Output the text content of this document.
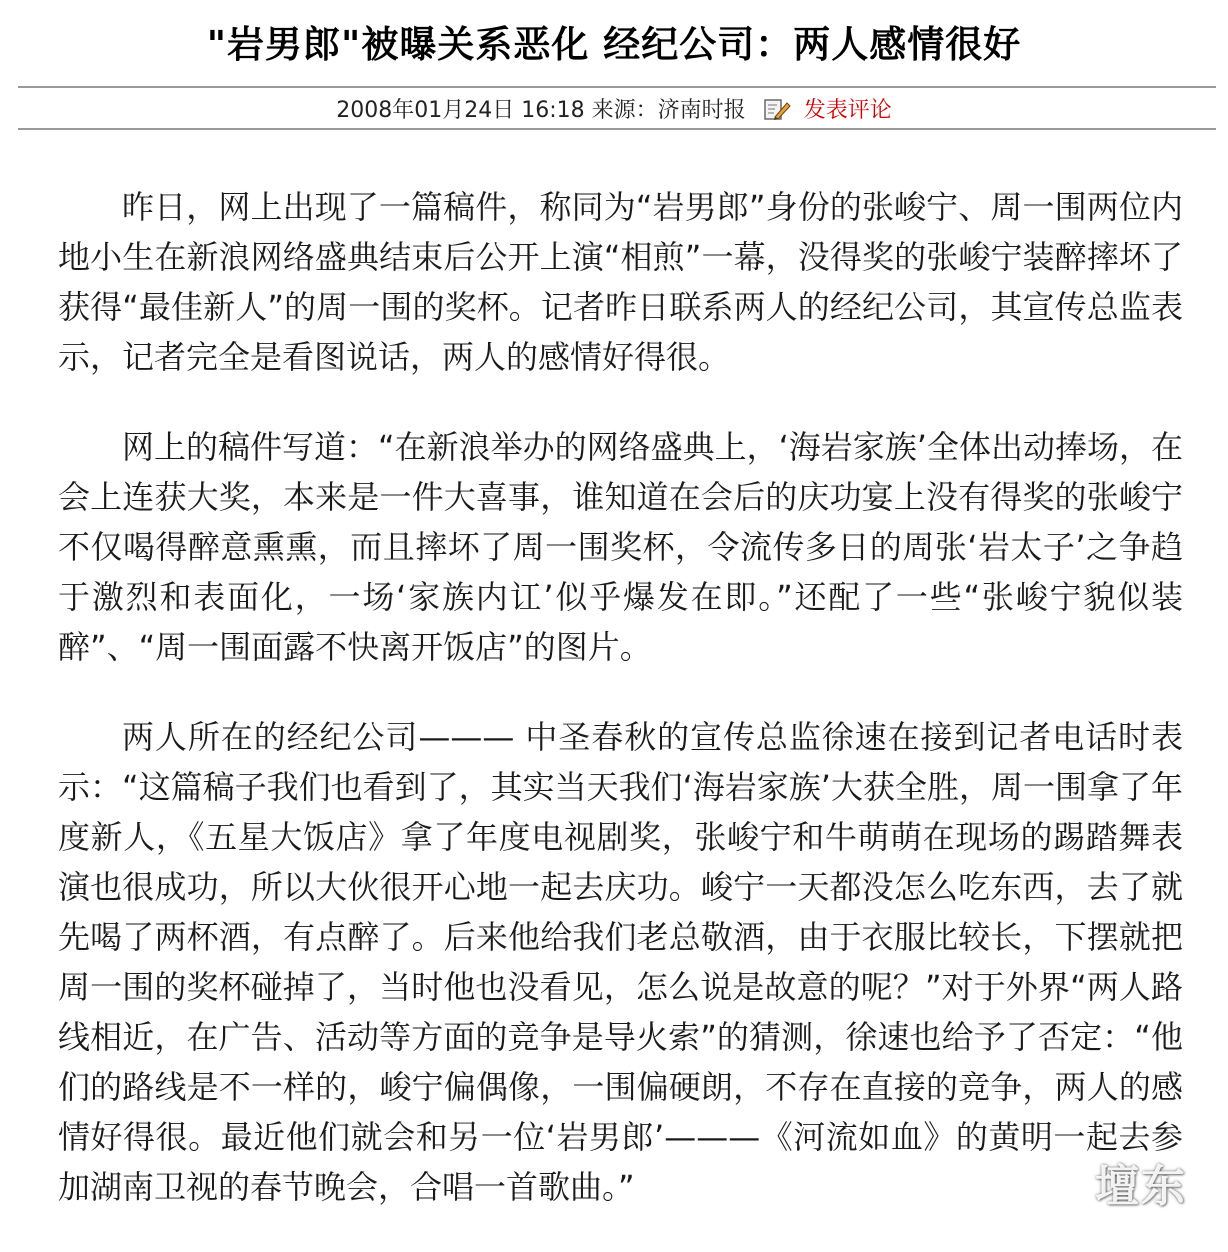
"岩男郎"被曝关系恶化 经纪公司：两人感情很好
2008年01月24日 16:18 来源：济南时报	发表评论

昨日，网上出现了一篇稿件，称同为“岩男郎”身份的张峻宁、周一围两位内地小生在新浪网络盛典结束后公开上演“相煎”一幕，没得奖的张峻宁装醉摔坏了获得“最佳新人”的周一围的奖杯。记者昨日联系两人的经纪公司，其宣传总监表示，记者完全是看图说话，两人的感情好得很。

网上的稿件写道：“在新浪举办的网络盛典上，‘海岩家族’全体出动捧场，在会上连获大奖，本来是一件大喜事，谁知道在会后的庆功宴上没有得奖的张峻宁不仅喝得醉意熏熏，而且摔坏了周一围奖杯，令流传多日的周张‘岩太子’之争趋于激烈和表面化，一场‘家族内讧’似乎爆发在即。”还配了一些“张峻宁貌似装醉”、“周一围面露不快离开饭店”的图片。

两人所在的经纪公司——— 中圣春秋的宣传总监徐速在接到记者电话时表示：“这篇稿子我们也看到了，其实当天我们‘海岩家族’大获全胜，周一围拿了年度新人，《五星大饭店》拿了年度电视剧奖，张峻宁和牛萌萌在现场的踢踏舞表演也很成功，所以大伙很开心地一起去庆功。峻宁一天都没怎么吃东西，去了就先喝了两杯酒，有点醉了。后来他给我们老总敬酒，由于衣服比较长，下摆就把周一围的奖杯碰掉了，当时他也没看见，怎么说是故意的呢？”对于外界“两人路线相近，在广告、活动等方面的竞争是导火索”的猜测，徐速也给予了否定：“他们的路线是不一样的，峻宁偏偶像，一围偏硬朗，不存在直接的竞争，两人的感情好得很。最近他们就会和另一位‘岩男郎’———《河流如血》的黄明一起去参加湖南卫视的春节晚会，合唱一首歌曲。”	壇东
